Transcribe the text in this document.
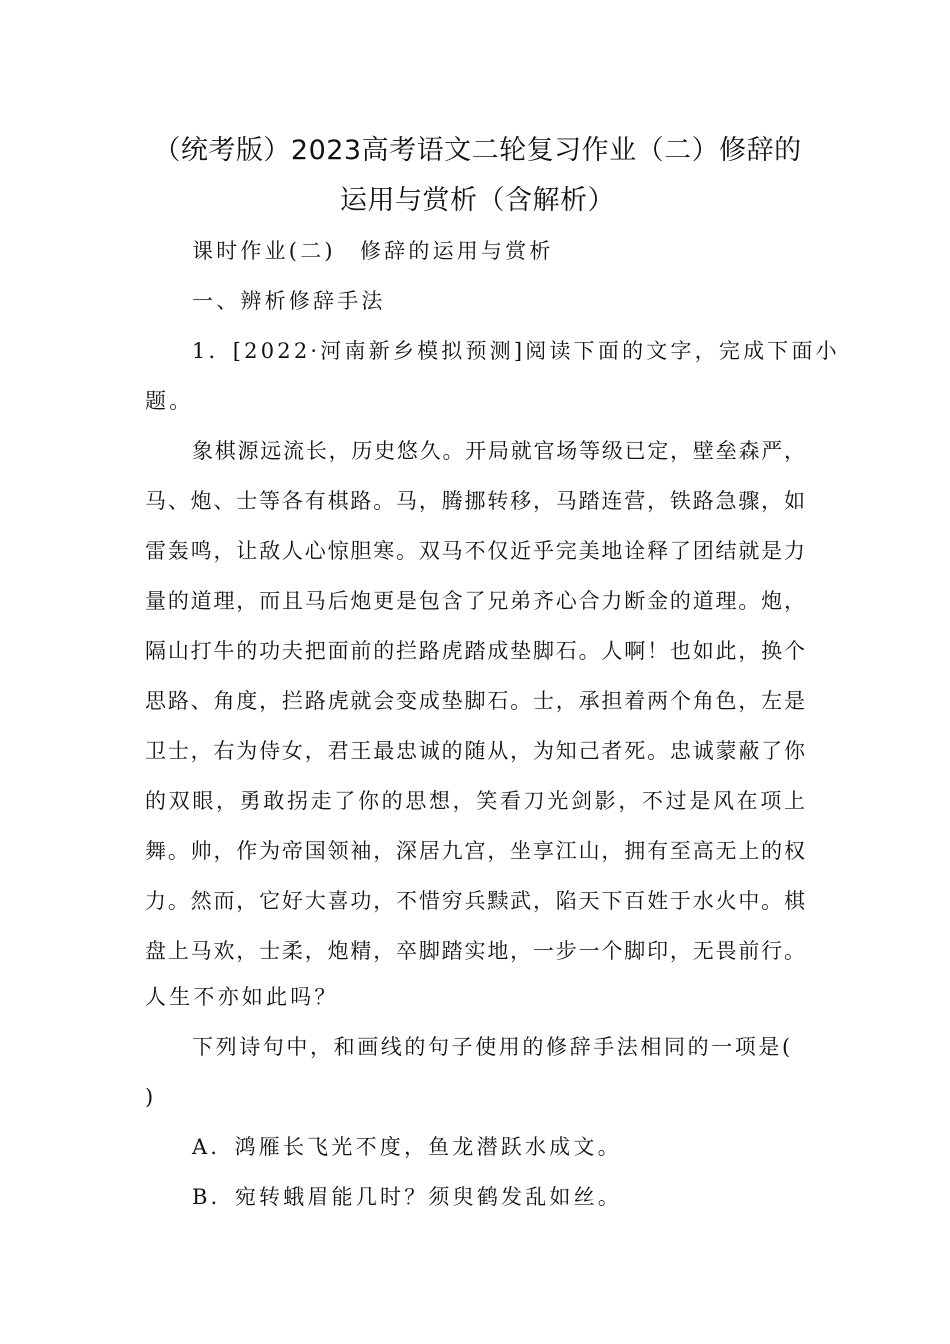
（统考版）2023高考语文二轮复习作业（二）修辞的
运用与赏析（含解析）
课时作业(二)　修辞的运用与赏析
一、辨析修辞手法
1．[2022·河南新乡模拟预测]阅读下面的文字，完成下面小
题。
象棋源远流长，历史悠久。开局就官场等级已定，壁垒森严，
马、炮、士等各有棋路。马，腾挪转移，马踏连营，铁路急骤，如
雷轰鸣，让敌人心惊胆寒。双马不仅近乎完美地诠释了团结就是力
量的道理，而且马后炮更是包含了兄弟齐心合力断金的道理。炮，
隔山打牛的功夫把面前的拦路虎踏成垫脚石。人啊！也如此，换个
思路、角度，拦路虎就会变成垫脚石。士，承担着两个角色，左是
卫士，右为侍女，君王最忠诚的随从，为知己者死。忠诚蒙蔽了你
的双眼，勇敢拐走了你的思想，笑看刀光剑影，不过是风在项上
舞。帅，作为帝国领袖，深居九宫，坐享江山，拥有至高无上的权
力。然而，它好大喜功，不惜穷兵黩武，陷天下百姓于水火中。棋
盘上马欢，士柔，炮精，卒脚踏实地，一步一个脚印，无畏前行。
人生不亦如此吗？
下列诗句中，和画线的句子使用的修辞手法相同的一项是(
)
A．鸿雁长飞光不度，鱼龙潜跃水成文。
B．宛转蛾眉能几时？须臾鹤发乱如丝。
